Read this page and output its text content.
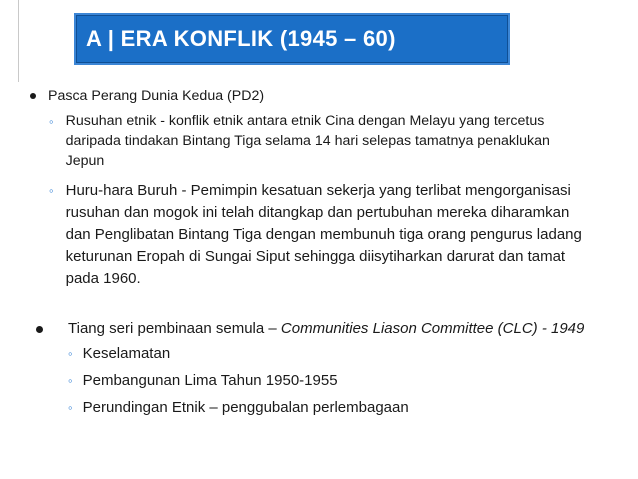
A | ERA KONFLIK (1945 – 60)
Pasca Perang Dunia Kedua (PD2)
◦ Rusuhan etnik - konflik etnik antara etnik Cina dengan Melayu yang tercetus
daripada tindakan Bintang Tiga selama 14 hari selepas tamatnya penaklukan
Jepun
◦ Huru-hara Buruh - Pemimpin kesatuan sekerja yang terlibat mengorganisasi
rusuhan dan mogok ini telah ditangkap dan pertubuhan mereka diharamkan
dan Penglibatan Bintang Tiga dengan membunuh tiga orang pengurus ladang
keturunan Eropah di Sungai Siput sehingga diisytiharkan darurat dan tamat
pada 1960.
Tiang seri pembinaan semula – Communities Liason Committee (CLC) - 1949
◦ Keselamatan
◦ Pembangunan Lima Tahun 1950-1955
◦ Perundingan Etnik – penggubalan perlembagaan
